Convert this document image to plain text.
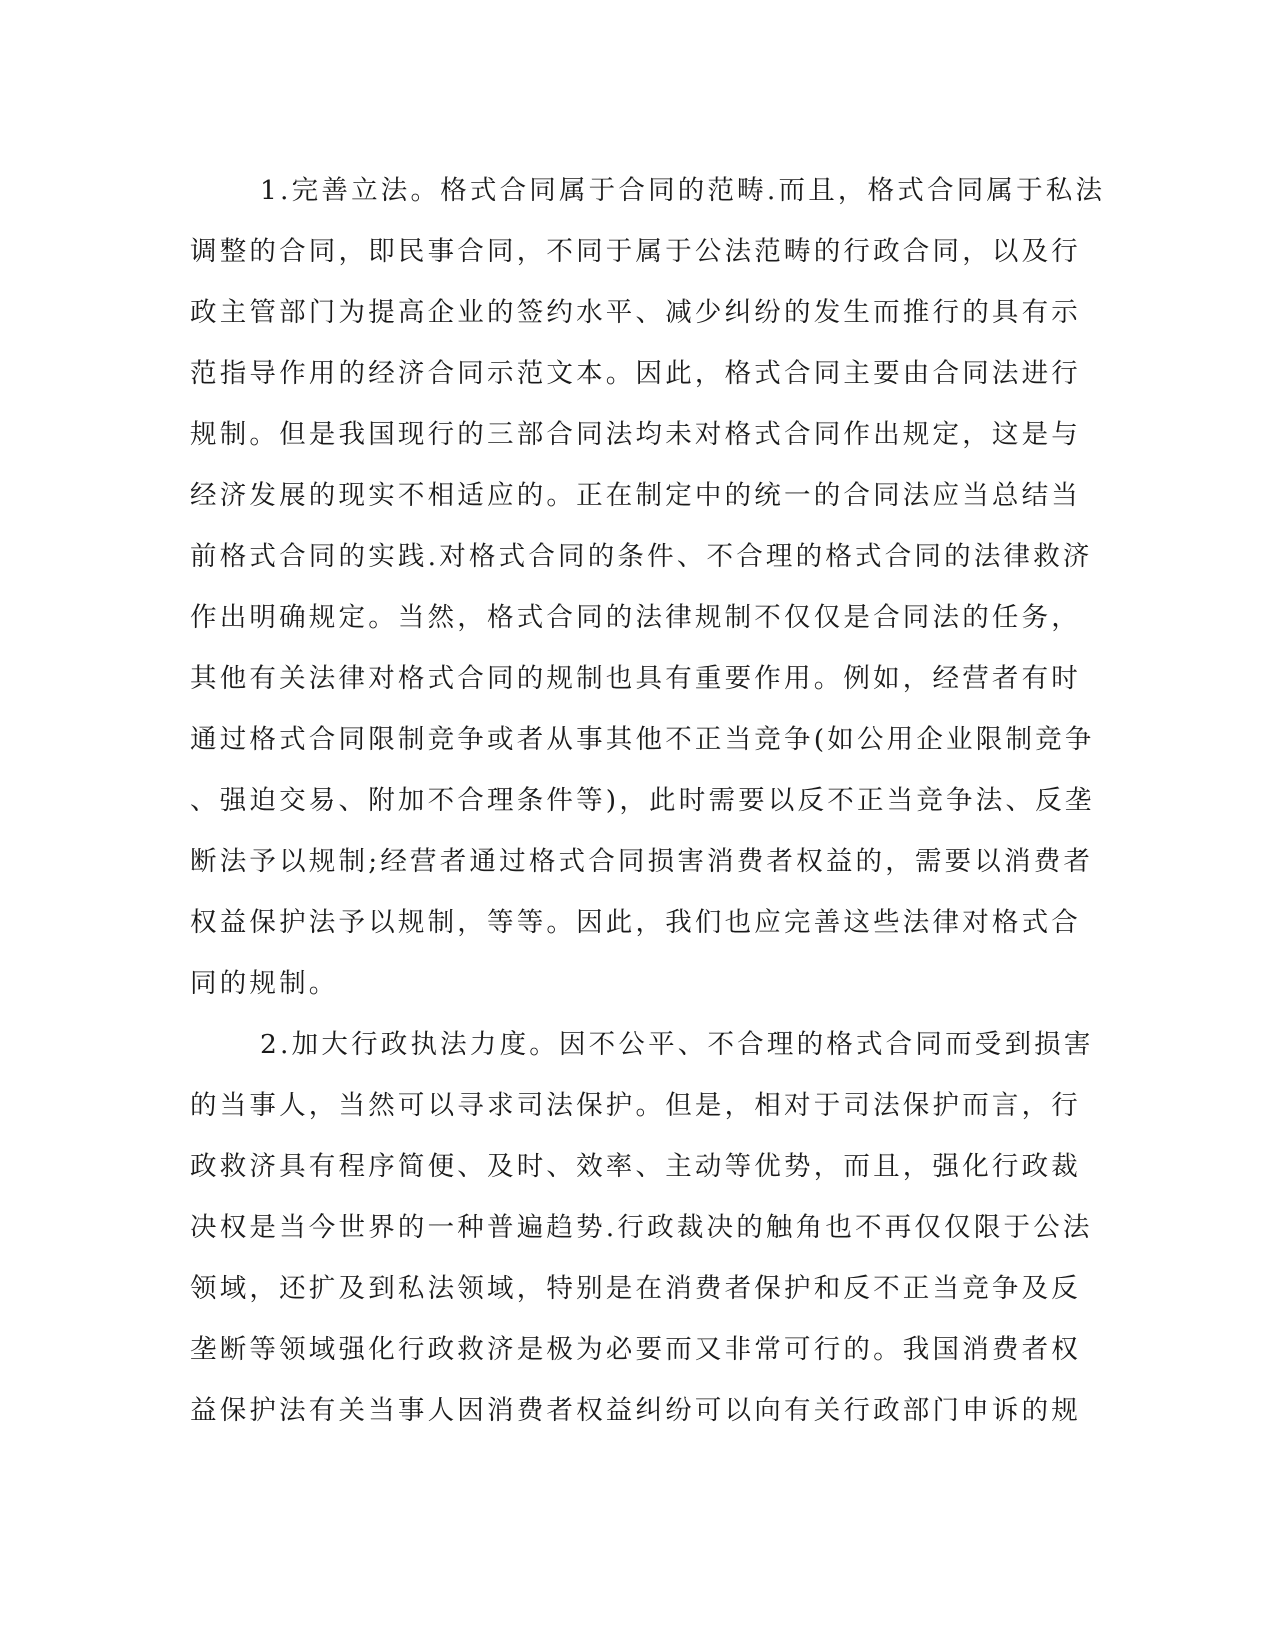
1.完善立法。格式合同属于合同的范畴.而且，格式合同属于私法
调整的合同，即民事合同，不同于属于公法范畴的行政合同，以及行
政主管部门为提高企业的签约水平、减少纠纷的发生而推行的具有示
范指导作用的经济合同示范文本。因此，格式合同主要由合同法进行
规制。但是我国现行的三部合同法均未对格式合同作出规定，这是与
经济发展的现实不相适应的。正在制定中的统一的合同法应当总结当
前格式合同的实践.对格式合同的条件、不合理的格式合同的法律救济
作出明确规定。当然，格式合同的法律规制不仅仅是合同法的任务，
其他有关法律对格式合同的规制也具有重要作用。例如，经营者有时
通过格式合同限制竞争或者从事其他不正当竞争(如公用企业限制竞争
、强迫交易、附加不合理条件等)，此时需要以反不正当竞争法、反垄
断法予以规制;经营者通过格式合同损害消费者权益的，需要以消费者
权益保护法予以规制，等等。因此，我们也应完善这些法律对格式合
同的规制。
2.加大行政执法力度。因不公平、不合理的格式合同而受到损害
的当事人，当然可以寻求司法保护。但是，相对于司法保护而言，行
政救济具有程序简便、及时、效率、主动等优势，而且，强化行政裁
决权是当今世界的一种普遍趋势.行政裁决的触角也不再仅仅限于公法
领域，还扩及到私法领域，特别是在消费者保护和反不正当竞争及反
垄断等领域强化行政救济是极为必要而又非常可行的。我国消费者权
益保护法有关当事人因消费者权益纠纷可以向有关行政部门申诉的规
